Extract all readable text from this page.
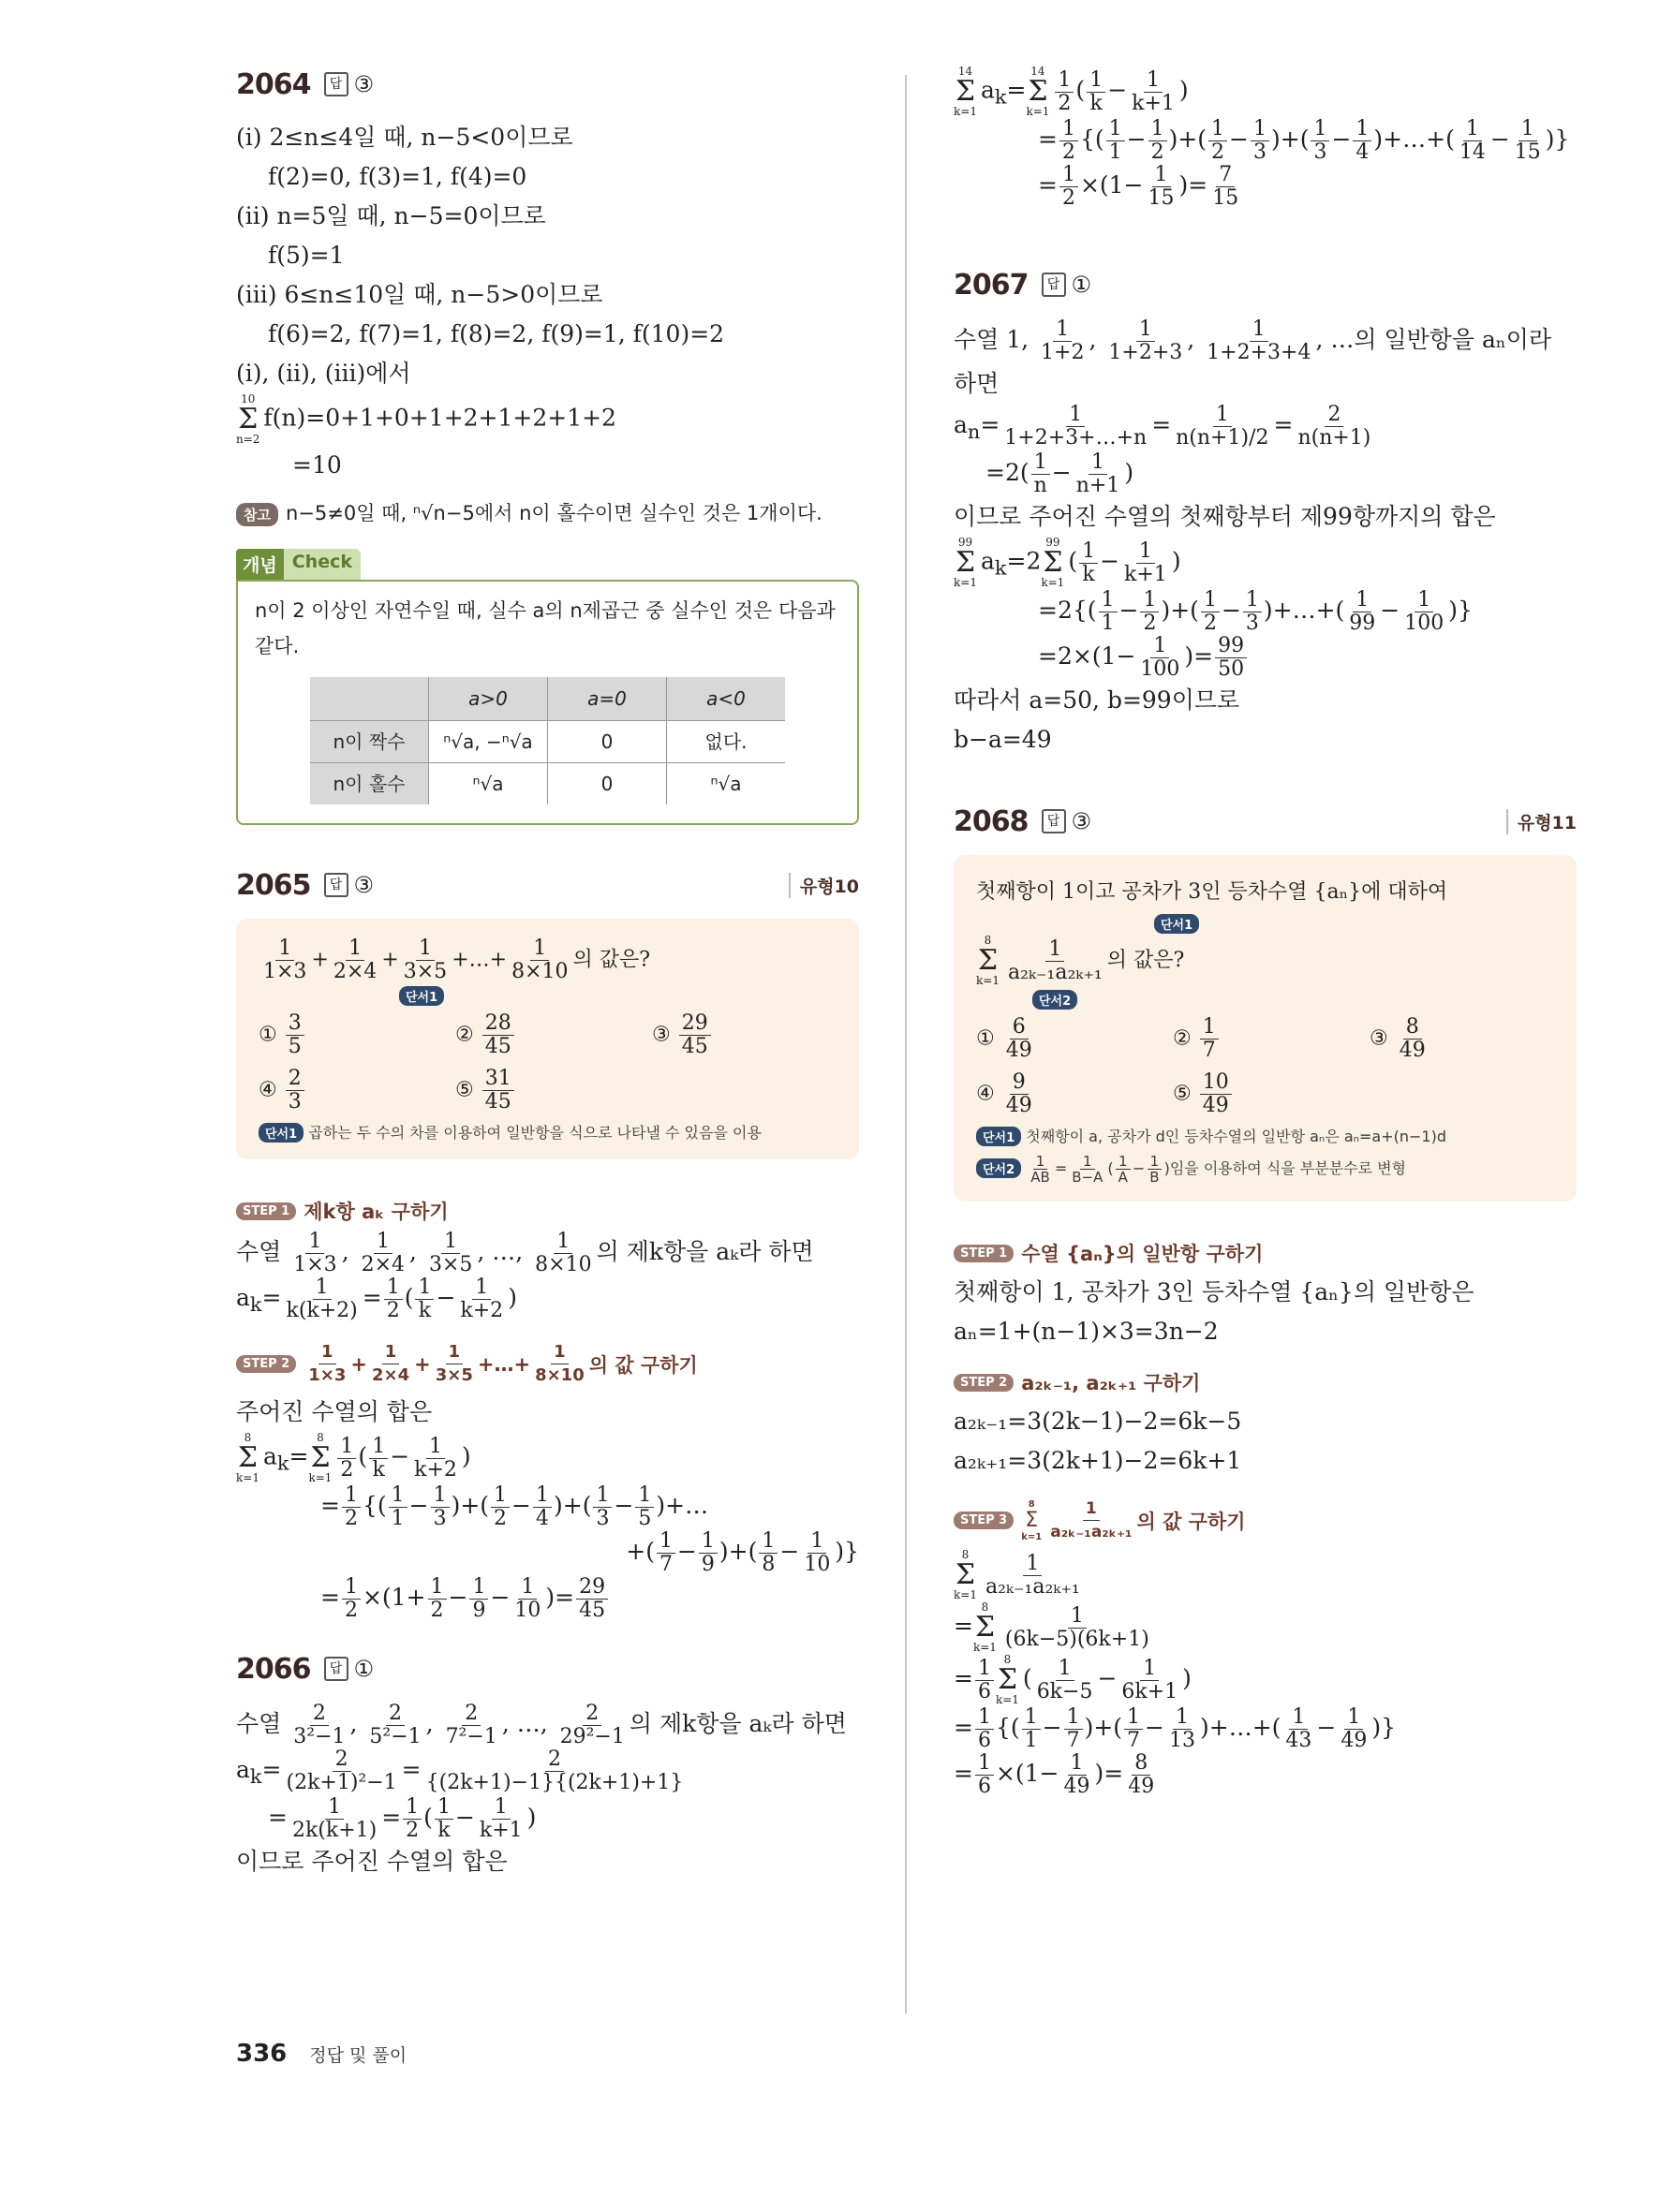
2064	답 ③
(ⅰ) 2≤n≤4일 때, n−5<0이므로
f(2)=0, f(3)=1, f(4)=0
(ⅱ) n=5일 때, n−5=0이므로
f(5)=1
(ⅲ) 6≤n≤10일 때, n−5>0이므로
f(6)=2, f(7)=1, f(8)=2, f(9)=1, f(10)=2
(ⅰ), (ⅱ), (ⅲ)에서
10
Σ
n=2
f(n)=0+1+0+1+2+1+2+1+2
=10
참고 n−5≠0일 때, ⁿ√n−5에서 n이 홀수이면 실수인 것은 1개이다.
개념 Check
n이 2 이상인 자연수일 때, 실수 a의 n제곱근 중 실수인 것은 다음과 같다.
	a>0	a=0	a<0
n이 짝수	ⁿ√a, −ⁿ√a	0	없다.
n이 홀수	ⁿ√a	0	ⁿ√a
2065	답 ③	유형10
$\frac{1}{1\times 3} + \frac{1}{2\times 4} + \frac{1}{3\times 5}$ +…+ $\frac{1}{8\times 10}$ 의 값은?
단서1
① $\frac{3}{5}$	② $\frac{28}{45}$	③ $\frac{29}{45}$
④ $\frac{2}{3}$	⑤ $\frac{31}{45}$
단서1 곱하는 두 수의 차를 이용하여 일반항을 식으로 나타낼 수 있음을 이용
STEP 1 제k항 aₖ 구하기
수열 $\frac{1}{1\times 3}$ , $\frac{1}{2\times 4}$ , $\frac{1}{3\times 5}$ , …, $\frac{1}{8\times 10}$ 의 제k항을 aₖ라 하면
$a_k= \frac{1}{k(k+2)} = \frac{1}{2}$ ( $\frac{1}{k} - \frac{1}{k+2}$ )
STEP $2 \frac{1}{1\times 3} + \frac{1}{2\times 4} + \frac{1}{3\times 5}$ +…+ $\frac{1}{8\times 10}$ 의 값 구하기
주어진 수열의 합은
8
Σ
k=1
$a_k=$
8
Σ
$k=1 \frac{1}{2}$ ( $\frac{1}{k} - \frac{1}{k+2}$ )
= $\frac{1}{2}$ {( $\frac{1}{1} - \frac{1}{3}$ )+( $\frac{1}{2} - \frac{1}{4}$ )+( $\frac{1}{3} - \frac{1}{5}$ )+…
+( $\frac{1}{7} - \frac{1}{9}$ )+( $\frac{1}{8} - \frac{1}{10}$ )}
= $\frac{1}{2} \times(1+ \frac{1}{2} - \frac{1}{9} - \frac{1}{10}$ )= $\frac{29}{45}$
2066	답 ①
수열 $\frac{2}{\text{3²−1}}$ , $\frac{2}{\text{5²−1}}$ , $\frac{2}{\text{7²−1}}$ , …, $\frac{2}{\text{29²−1}}$ 의 제k항을 aₖ라 하면
$a_k= \frac{2}{\text{(2k+1)²−1}} = \frac{2}{\{(2k+1)-1\}\{(2k+1)+1\}}$
= $\frac{1}{2k(k+1)} = \frac{1}{2}$ ( $\frac{1}{k} - \frac{1}{k+1}$ )
이므로 주어진 수열의 합은
14
Σ
k=1
$a_k=$
14
Σ
$k=1 \frac{1}{2}$ ( $\frac{1}{k} - \frac{1}{k+1}$ )
= $\frac{1}{2}$ {( $\frac{1}{1} - \frac{1}{2}$ )+( $\frac{1}{2} - \frac{1}{3}$ )+( $\frac{1}{3} - \frac{1}{4}$ )+…+( $\frac{1}{14} - \frac{1}{15}$ )}
= $\frac{1}{2} \times(1- \frac{1}{15}$ )= $\frac{7}{15}$
2067	답 ①
수열 1, $\frac{1}{1+2}$ , $\frac{1}{1+2+3}$ , $\frac{1}{1+2+3+4}$ , …의 일반항을 aₙ이라
하면
$a_n= \frac{1}{1+2+3+\dots+n} = \frac{1}{n(n+1)/2} = \frac{2}{n(n+1)}$
$=2( \frac{1}{n} - \frac{1}{n+1}$ )
이므로 주어진 수열의 첫째항부터 제99항까지의 합은
99
Σ
k=1
$a_k=2$
99
Σ
k=1
( $\frac{1}{k} - \frac{1}{k+1}$ )
$=2\{( \frac{1}{1} - \frac{1}{2}$ )+( $\frac{1}{2} - \frac{1}{3}$ )+…+( $\frac{1}{99} - \frac{1}{100}$ )}
$=2\times(1- \frac{1}{100}$ )= $\frac{99}{50}$
따라서 a=50, b=99이므로
b−a=49
2068	답 ③	유형11
첫째항이 1이고 공차가 3인 등차수열 {aₙ}에 대하여
단서1
8
Σ
$k=1 \frac{1}{\text{a₂ₖ₋₁a₂ₖ₊₁}}$ 의 값은?
단서2
① $\frac{6}{49}$	② $\frac{1}{7}$	③ $\frac{8}{49}$
④ $\frac{9}{49}$	⑤ $\frac{10}{49}$
단서1 첫째항이 a, 공차가 d인 등차수열의 일반항 aₙ은 aₙ=a+(n−1)d
단서$2 \frac{1}{AB} = \frac{1}{B-A}$ ( $\frac{1}{A} - \frac{1}{B}$ )임을 이용하여 식을 부분분수로 변형
STEP 1 수열 {aₙ}의 일반항 구하기
첫째항이 1, 공차가 3인 등차수열 {aₙ}의 일반항은
aₙ=1+(n−1)×3=3n−2
STEP 2 a₂ₖ₋₁, a₂ₖ₊₁ 구하기
a₂ₖ₋₁=3(2k−1)−2=6k−5
a₂ₖ₊₁=3(2k+1)−2=6k+1
STEP 3
8
Σ
$k=1 \frac{1}{\text{a₂ₖ₋₁a₂ₖ₊₁}}$ 의 값 구하기
8
Σ
$k=1 \frac{1}{\text{a₂ₖ₋₁a₂ₖ₊₁}}$
=
8
Σ
$k=1 \frac{1}{(6k-5)(6k+1)}$
= $\frac{1}{6} 8$
Σ
k=1
( $\frac{1}{6k-5} - \frac{1}{6k+1}$ )
= $\frac{1}{6}$ {( $\frac{1}{1} - \frac{1}{7}$ )+( $\frac{1}{7} - \frac{1}{13}$ )+…+( $\frac{1}{43} - \frac{1}{49}$ )}
= $\frac{1}{6} \times(1- \frac{1}{49}$ )= $\frac{8}{49}$
336 정답 및 풀이
